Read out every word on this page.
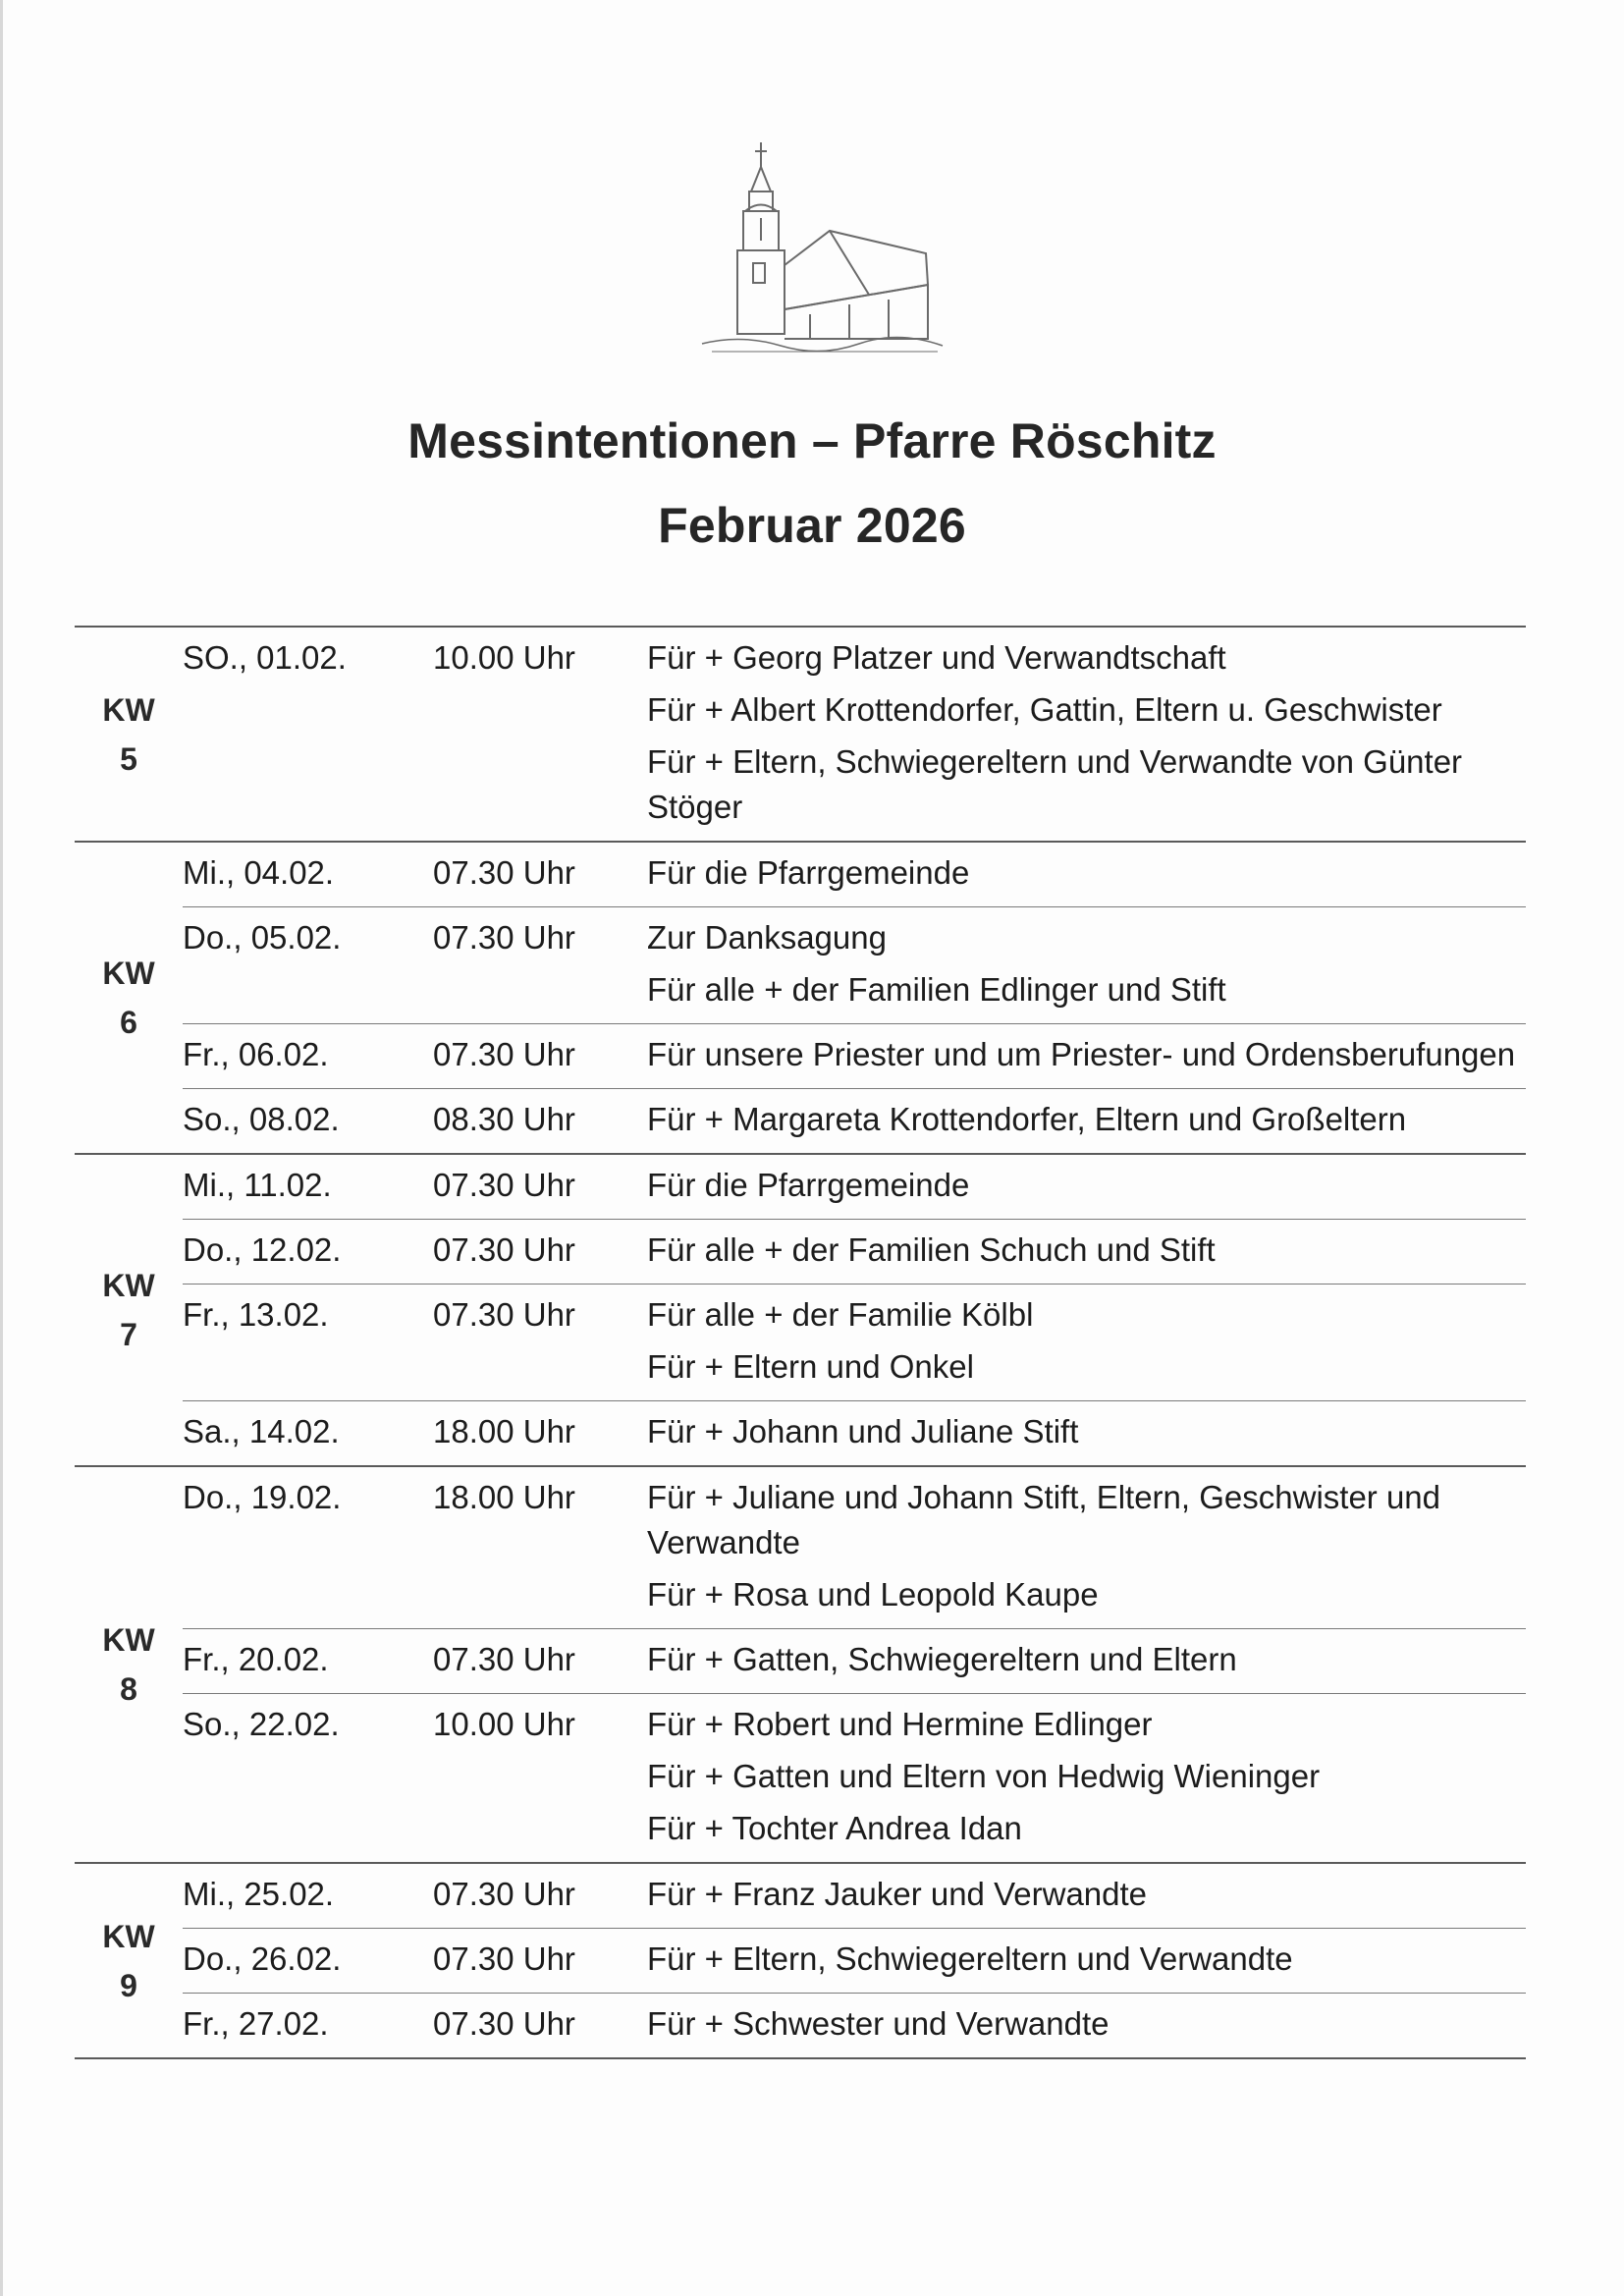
Messintentionen – Pfarre Röschitz
Februar 2026
KW
5
SO., 01.02.	10.00 Uhr	Für + Georg Platzer und Verwandtschaft
Für + Albert Krottendorfer, Gattin, Eltern u. Geschwister
Für + Eltern, Schwiegereltern und Verwandte von Günter Stöger
KW
6
Mi., 04.02.	07.30 Uhr	Für die Pfarrgemeinde
Do., 05.02.	07.30 Uhr	Zur Danksagung
Für alle + der Familien Edlinger und Stift
Fr., 06.02.	07.30 Uhr	Für unsere Priester und um Priester- und Ordensberufungen
So., 08.02.	08.30 Uhr	Für + Margareta Krottendorfer, Eltern und Großeltern
KW
7
Mi., 11.02.	07.30 Uhr	Für die Pfarrgemeinde
Do., 12.02.	07.30 Uhr	Für alle + der Familien Schuch und Stift
Fr., 13.02.	07.30 Uhr	Für alle + der Familie Kölbl
Für + Eltern und Onkel
Sa., 14.02.	18.00 Uhr	Für + Johann und Juliane Stift
KW
8
Do., 19.02.	18.00 Uhr	Für + Juliane und Johann Stift, Eltern, Geschwister und Verwandte
Für + Rosa und Leopold Kaupe
Fr., 20.02.	07.30 Uhr	Für + Gatten, Schwiegereltern und Eltern
So., 22.02.	10.00 Uhr	Für + Robert und Hermine Edlinger
Für + Gatten und Eltern von Hedwig Wieninger
Für + Tochter Andrea Idan
KW
9
Mi., 25.02.	07.30 Uhr	Für + Franz Jauker und Verwandte
Do., 26.02.	07.30 Uhr	Für + Eltern, Schwiegereltern und Verwandte
Fr., 27.02.	07.30 Uhr	Für + Schwester und Verwandte
